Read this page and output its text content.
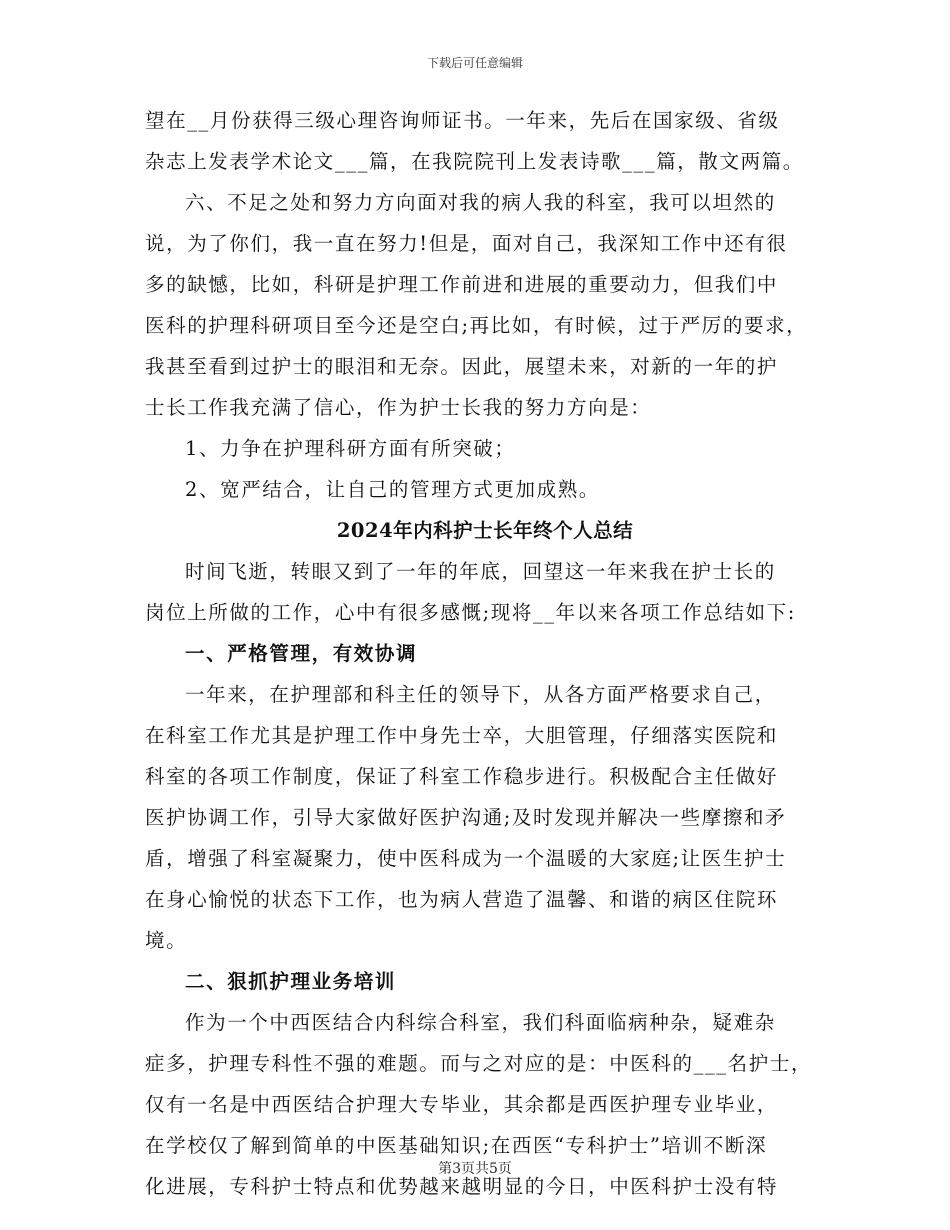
下载后可任意编辑
望在__月份获得三级心理咨询师证书。一年来，先后在国家级、省级
杂志上发表学术论文___篇，在我院院刊上发表诗歌___篇，散文两篇。
六、不足之处和努力方向面对我的病人我的科室，我可以坦然的
说，为了你们，我一直在努力!但是，面对自己，我深知工作中还有很
多的缺憾，比如，科研是护理工作前进和进展的重要动力，但我们中
医科的护理科研项目至今还是空白;再比如，有时候，过于严厉的要求，
我甚至看到过护士的眼泪和无奈。因此，展望未来，对新的一年的护
士长工作我充满了信心，作为护士长我的努力方向是：
1、力争在护理科研方面有所突破；
2、宽严结合，让自己的管理方式更加成熟。
2024年内科护士长年终个人总结
时间飞逝，转眼又到了一年的年底，回望这一年来我在护士长的
岗位上所做的工作，心中有很多感慨;现将__年以来各项工作总结如下:
一、严格管理，有效协调
一年来，在护理部和科主任的领导下，从各方面严格要求自己，
在科室工作尤其是护理工作中身先士卒，大胆管理，仔细落实医院和
科室的各项工作制度，保证了科室工作稳步进行。积极配合主任做好
医护协调工作，引导大家做好医护沟通;及时发现并解决一些摩擦和矛
盾，增强了科室凝聚力，使中医科成为一个温暖的大家庭;让医生护士
在身心愉悦的状态下工作，也为病人营造了温馨、和谐的病区住院环
境。
二、狠抓护理业务培训
作为一个中西医结合内科综合科室，我们科面临病种杂，疑难杂
症多，护理专科性不强的难题。而与之对应的是：中医科的___名护士，
仅有一名是中西医结合护理大专毕业，其余都是西医护理专业毕业，
在学校仅了解到简单的中医基础知识;在西医“专科护士”培训不断深
化进展，专科护士特点和优势越来越明显的今日，中医科护士没有特
第3页共5页
